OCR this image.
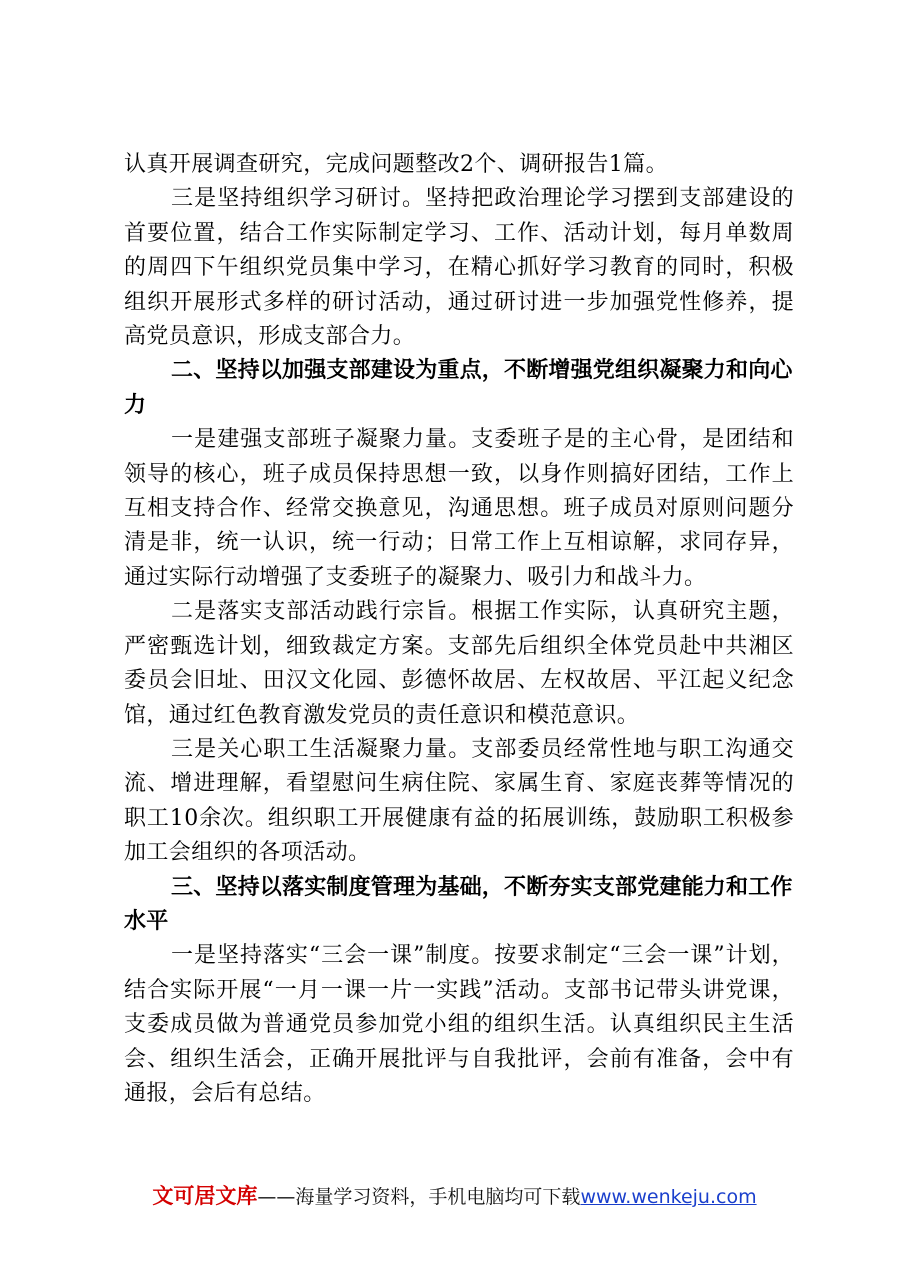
认真开展调查研究，完成问题整改2个、调研报告1篇。

三是坚持组织学习研讨。坚持把政治理论学习摆到支部建设的首要位置，结合工作实际制定学习、工作、活动计划，每月单数周的周四下午组织党员集中学习，在精心抓好学习教育的同时，积极组织开展形式多样的研讨活动，通过研讨进一步加强党性修养，提高党员意识，形成支部合力。

二、坚持以加强支部建设为重点，不断增强党组织凝聚力和向心力

一是建强支部班子凝聚力量。支委班子是的主心骨，是团结和领导的核心，班子成员保持思想一致，以身作则搞好团结，工作上互相支持合作、经常交换意见，沟通思想。班子成员对原则问题分清是非，统一认识，统一行动；日常工作上互相谅解，求同存异，通过实际行动增强了支委班子的凝聚力、吸引力和战斗力。

二是落实支部活动践行宗旨。根据工作实际，认真研究主题，严密甄选计划，细致裁定方案。支部先后组织全体党员赴中共湘区委员会旧址、田汉文化园、彭德怀故居、左权故居、平江起义纪念馆，通过红色教育激发党员的责任意识和模范意识。

三是关心职工生活凝聚力量。支部委员经常性地与职工沟通交流、增进理解，看望慰问生病住院、家属生育、家庭丧葬等情况的职工10余次。组织职工开展健康有益的拓展训练，鼓励职工积极参加工会组织的各项活动。

三、坚持以落实制度管理为基础，不断夯实支部党建能力和工作水平

一是坚持落实“三会一课”制度。按要求制定“三会一课”计划，结合实际开展“一月一课一片一实践”活动。支部书记带头讲党课，支委成员做为普通党员参加党小组的组织生活。认真组织民主生活会、组织生活会，正确开展批评与自我批评，会前有准备，会中有通报，会后有总结。

文可居文库——海量学习资料，手机电脑均可下载www.wenkeju.com
